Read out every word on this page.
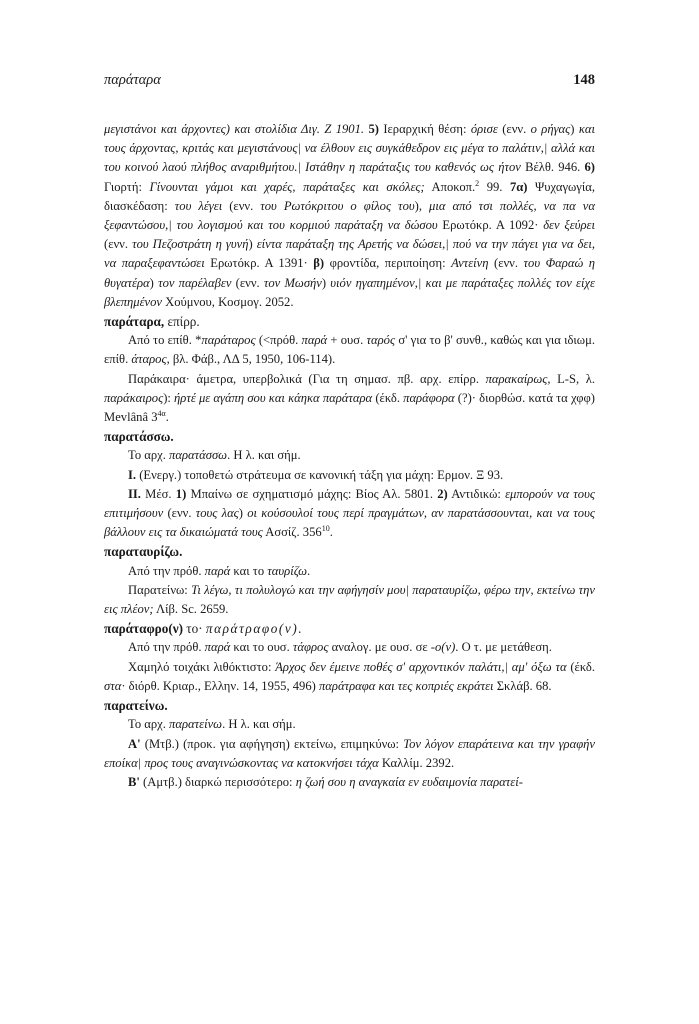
παράταρα	148

μεγιστάνοι και άρχοντες) και στολίδια Διγ. Ζ 1901. 5) Ιεραρχική θέση: όρισε (ενν. ο ρήγας) και τους άρχοντας, κριτάς και μεγιστάνους| να έλθουν εις συγκάθεδρον εις μέγα το παλάτιν,| αλλά και του κοινού λαού πλήθος αναριθμήτου.| Ιστάθην η παράταξις του καθενός ως ήτον Βέλθ. 946. 6) Γιορτή: Γίνουνται γάμοι και χαρές, παράταξες και σκόλες; Αποκοπ.$^2$ 99. 7α) Ψυχαγωγία, διασκέδαση: του λέγει (ενν. του Ρωτόκριτου ο φίλος του), μια από τσι πολλές, να πα να ξεφαντώσου,| του λογισμού και του κορμιού παράταξη να δώσου Ερωτόκρ. Α 1092· δεν ξεύρει (ενν. του Πεζοστράτη η γυνή) είντα παράταξη της Αρετής να δώσει,| πού να την πάγει για να δει, να παραξεφαντώσει Ερωτόκρ. Α 1391· β) φροντίδα, περιποίηση: Αντείνη (ενν. του Φαραώ η θυγατέρα) τον παρέλαβεν (ενν. τον Μωσήν) υιόν ηγαπημένον,| και με παράταξες πολλές τον είχε βλεπημένον Χούμνου, Κοσμογ. 2052.

παράταρα, επίρρ.

Από το επίθ. *παράταρος (<πρόθ. παρά + ουσ. ταρός σ' για το β' συνθ., καθώς και για ιδιωμ. επίθ. άταρος, βλ. Φάβ., ΛΔ 5, 1950, 106-114).

Παράκαιρα· άμετρα, υπερβολικά (Για τη σημασ. πβ. αρχ. επίρρ. παρακαίρως, L-S, λ. παράκαιρος): ήρτέ με αγάπη σου και κάηκα παράταρα (έκδ. παράφορα (?)· διορθώσ. κατά τα χφφ) Mevlânâ $3^{4\alpha}$.

παρατάσσω.

Το αρχ. παρατάσσω. Η λ. και σήμ.

I. (Ενεργ.) τοποθετώ στράτευμα σε κανονική τάξη για μάχη: Ερμον. Ξ 93.

II. Μέσ. 1) Μπαίνω σε σχηματισμό μάχης: Βίος Αλ. 5801. 2) Αντιδικώ: εμπορούν να τους επιτιμήσουν (ενν. τους λας) οι κούσουλοί τους περί πραγμάτων, αν παρατάσσουνται, και να τους βάλλουν εις τα δικαιώματά τους Ασσίζ. $356^{10}$.

παραταυρίζω.

Από την πρόθ. παρά και το ταυρίζω.

Παρατείνω: Τι λέγω, τι πολυλογώ και την αφήγησίν μου| παραταυρίζω, φέρω την, εκτείνω την εις πλέον; Λίβ. Sc. 2659.

παράταφρο(ν) το· παράτραφο(ν).

Από την πρόθ. παρά και το ουσ. τάφρος αναλογ. με ουσ. σε -ο(ν). Ο τ. με μετάθεση.

Χαμηλό τοιχάκι λιθόκτιστο: Άρχος δεν έμεινε ποθές σ' αρχοντικόν παλάτι,| αμ' όξω τα (έκδ. στα· διόρθ. Κριαρ., Ελλην. 14, 1955, 496) παράτραφα και τες κοπριές εκράτει Σκλάβ. 68.

παρατείνω.

Το αρχ. παρατείνω. Η λ. και σήμ.

Α' (Μτβ.) (προκ. για αφήγηση) εκτείνω, επιμηκύνω: Τον λόγον επαράτεινα και την γραφήν εποίκα| προς τους αναγινώσκοντας να κατοκνήσει τάχα Καλλίμ. 2392.

Β' (Αμτβ.) διαρκώ περισσότερο: η ζωή σου η αναγκαία εν ευδαιμονία παρατεί-
